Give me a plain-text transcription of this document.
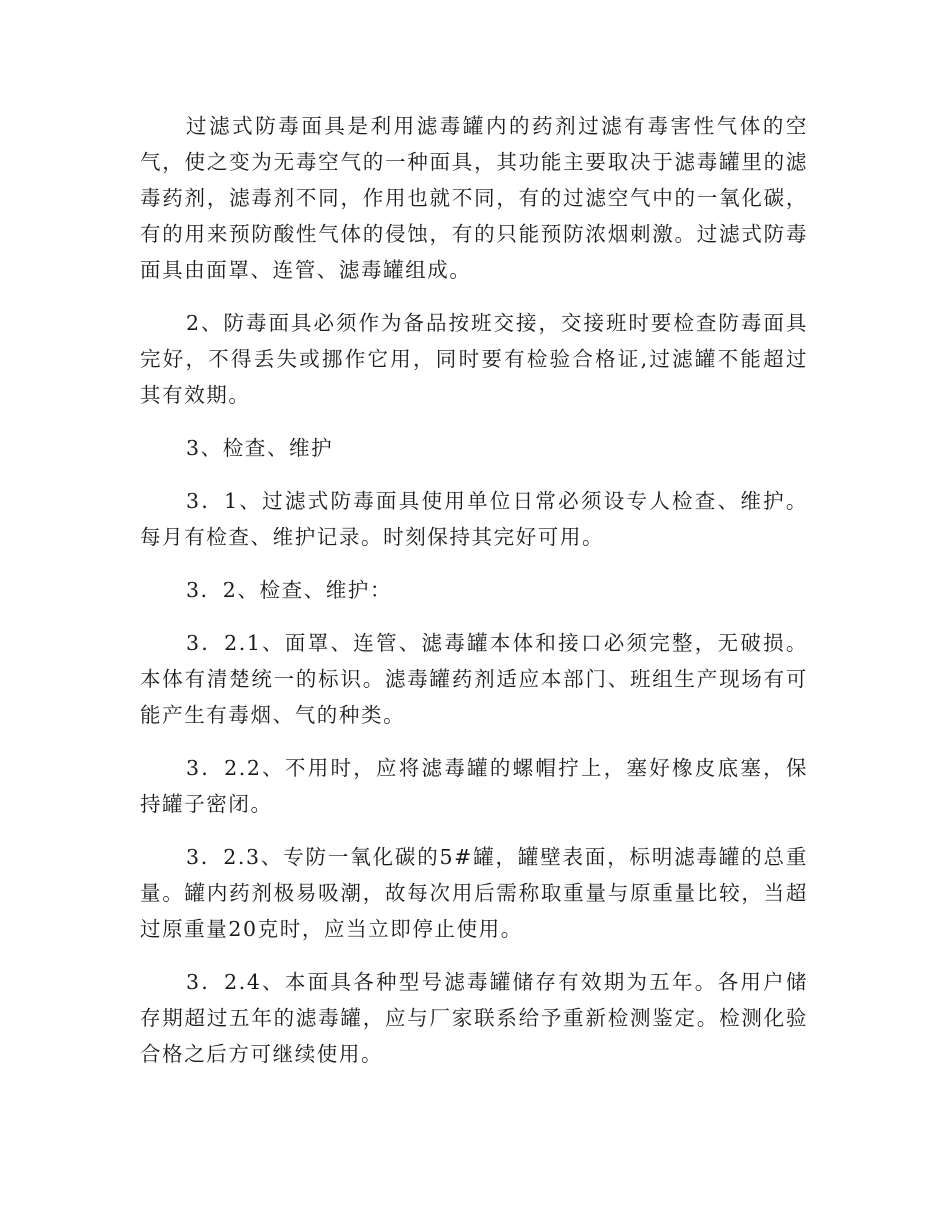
过滤式防毒面具是利用滤毒罐内的药剂过滤有毒害性气体的空气，使之变为无毒空气的一种面具，其功能主要取决于滤毒罐里的滤毒药剂，滤毒剂不同，作用也就不同，有的过滤空气中的一氧化碳，有的用来预防酸性气体的侵蚀，有的只能预防浓烟刺激。过滤式防毒面具由面罩、连管、滤毒罐组成。

2、防毒面具必须作为备品按班交接，交接班时要检查防毒面具完好，不得丢失或挪作它用，同时要有检验合格证,过滤罐不能超过其有效期。

3、检查、维护

3．1、过滤式防毒面具使用单位日常必须设专人检查、维护。每月有检查、维护记录。时刻保持其完好可用。

3．2、检查、维护：

3．2.1、面罩、连管、滤毒罐本体和接口必须完整，无破损。本体有清楚统一的标识。滤毒罐药剂适应本部门、班组生产现场有可能产生有毒烟、气的种类。

3．2.2、不用时，应将滤毒罐的螺帽拧上，塞好橡皮底塞，保持罐子密闭。

3．2.3、专防一氧化碳的5#罐，罐壁表面，标明滤毒罐的总重量。罐内药剂极易吸潮，故每次用后需称取重量与原重量比较，当超过原重量20克时，应当立即停止使用。

3．2.4、本面具各种型号滤毒罐储存有效期为五年。各用户储存期超过五年的滤毒罐，应与厂家联系给予重新检测鉴定。检测化验合格之后方可继续使用。
